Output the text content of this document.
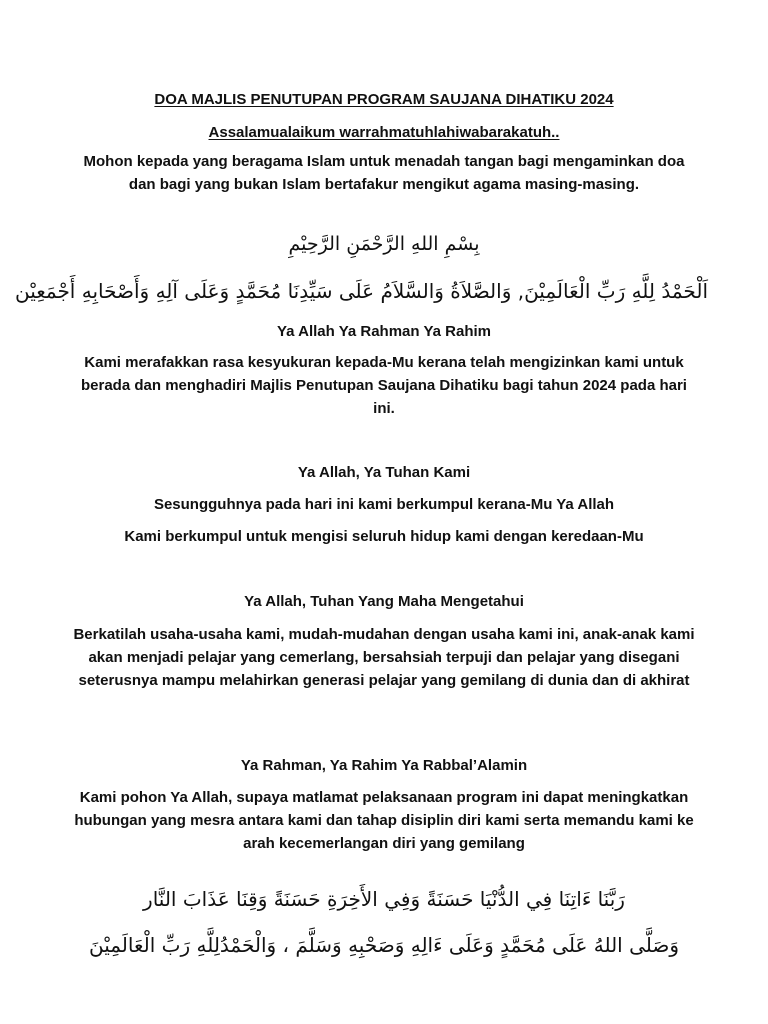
DOA MAJLIS PENUTUPAN PROGRAM SAUJANA DIHATIKU 2024

Assalamualaikum warrahmatuhlahiwabarakatuh..

Mohon kepada yang beragama Islam untuk menadah tangan bagi mengaminkan doa dan bagi yang bukan Islam bertafakur mengikut agama masing-masing.

بِسْمِ اللهِ الرَّحْمَنِ الرَّحِيْمِ

اَلْحَمْدُ لِلَّهِ رَبِّ الْعَالَمِيْنَ, وَالصَّلاَةُ وَالسَّلاَمُ عَلَى سَيِّدِنَا مُحَمَّدٍ وَعَلَى آلِهِ وَأَصْحَابِهِ أَجْمَعِيْن

Ya Allah Ya Rahman Ya Rahim

Kami merafakkan rasa kesyukuran kepada-Mu kerana telah mengizinkan kami untuk berada dan menghadiri Majlis Penutupan Saujana Dihatiku bagi tahun 2024 pada hari ini.

Ya Allah, Ya Tuhan Kami

Sesungguhnya pada hari ini kami berkumpul kerana-Mu Ya Allah

Kami berkumpul untuk mengisi seluruh hidup kami dengan keredaan-Mu

Ya Allah, Tuhan Yang Maha Mengetahui

Berkatilah usaha-usaha kami, mudah-mudahan dengan usaha kami ini, anak-anak kami akan menjadi pelajar yang cemerlang, bersahsiah terpuji dan pelajar yang disegani seterusnya mampu melahirkan generasi pelajar yang gemilang di dunia dan di akhirat

Ya Rahman, Ya Rahim Ya Rabbal’Alamin

Kami pohon Ya Allah, supaya matlamat pelaksanaan program ini dapat meningkatkan hubungan yang mesra antara kami dan tahap disiplin diri kami serta memandu kami ke arah kecemerlangan diri yang gemilang

رَبَّنَا ءَاتِنَا فِي الدُّنْيَا حَسَنَةً وَفِي الأَخِرَةِ حَسَنَةً وَقِنَا عَذَابَ النَّار

وَصَلَّى اللهُ عَلَى مُحَمَّدٍ وَعَلَى ءَالِهِ وَصَحْبِهِ وَسَلَّمَ ، وَالْحَمْدُلِلَّهِ رَبِّ الْعَالَمِيْنَ
